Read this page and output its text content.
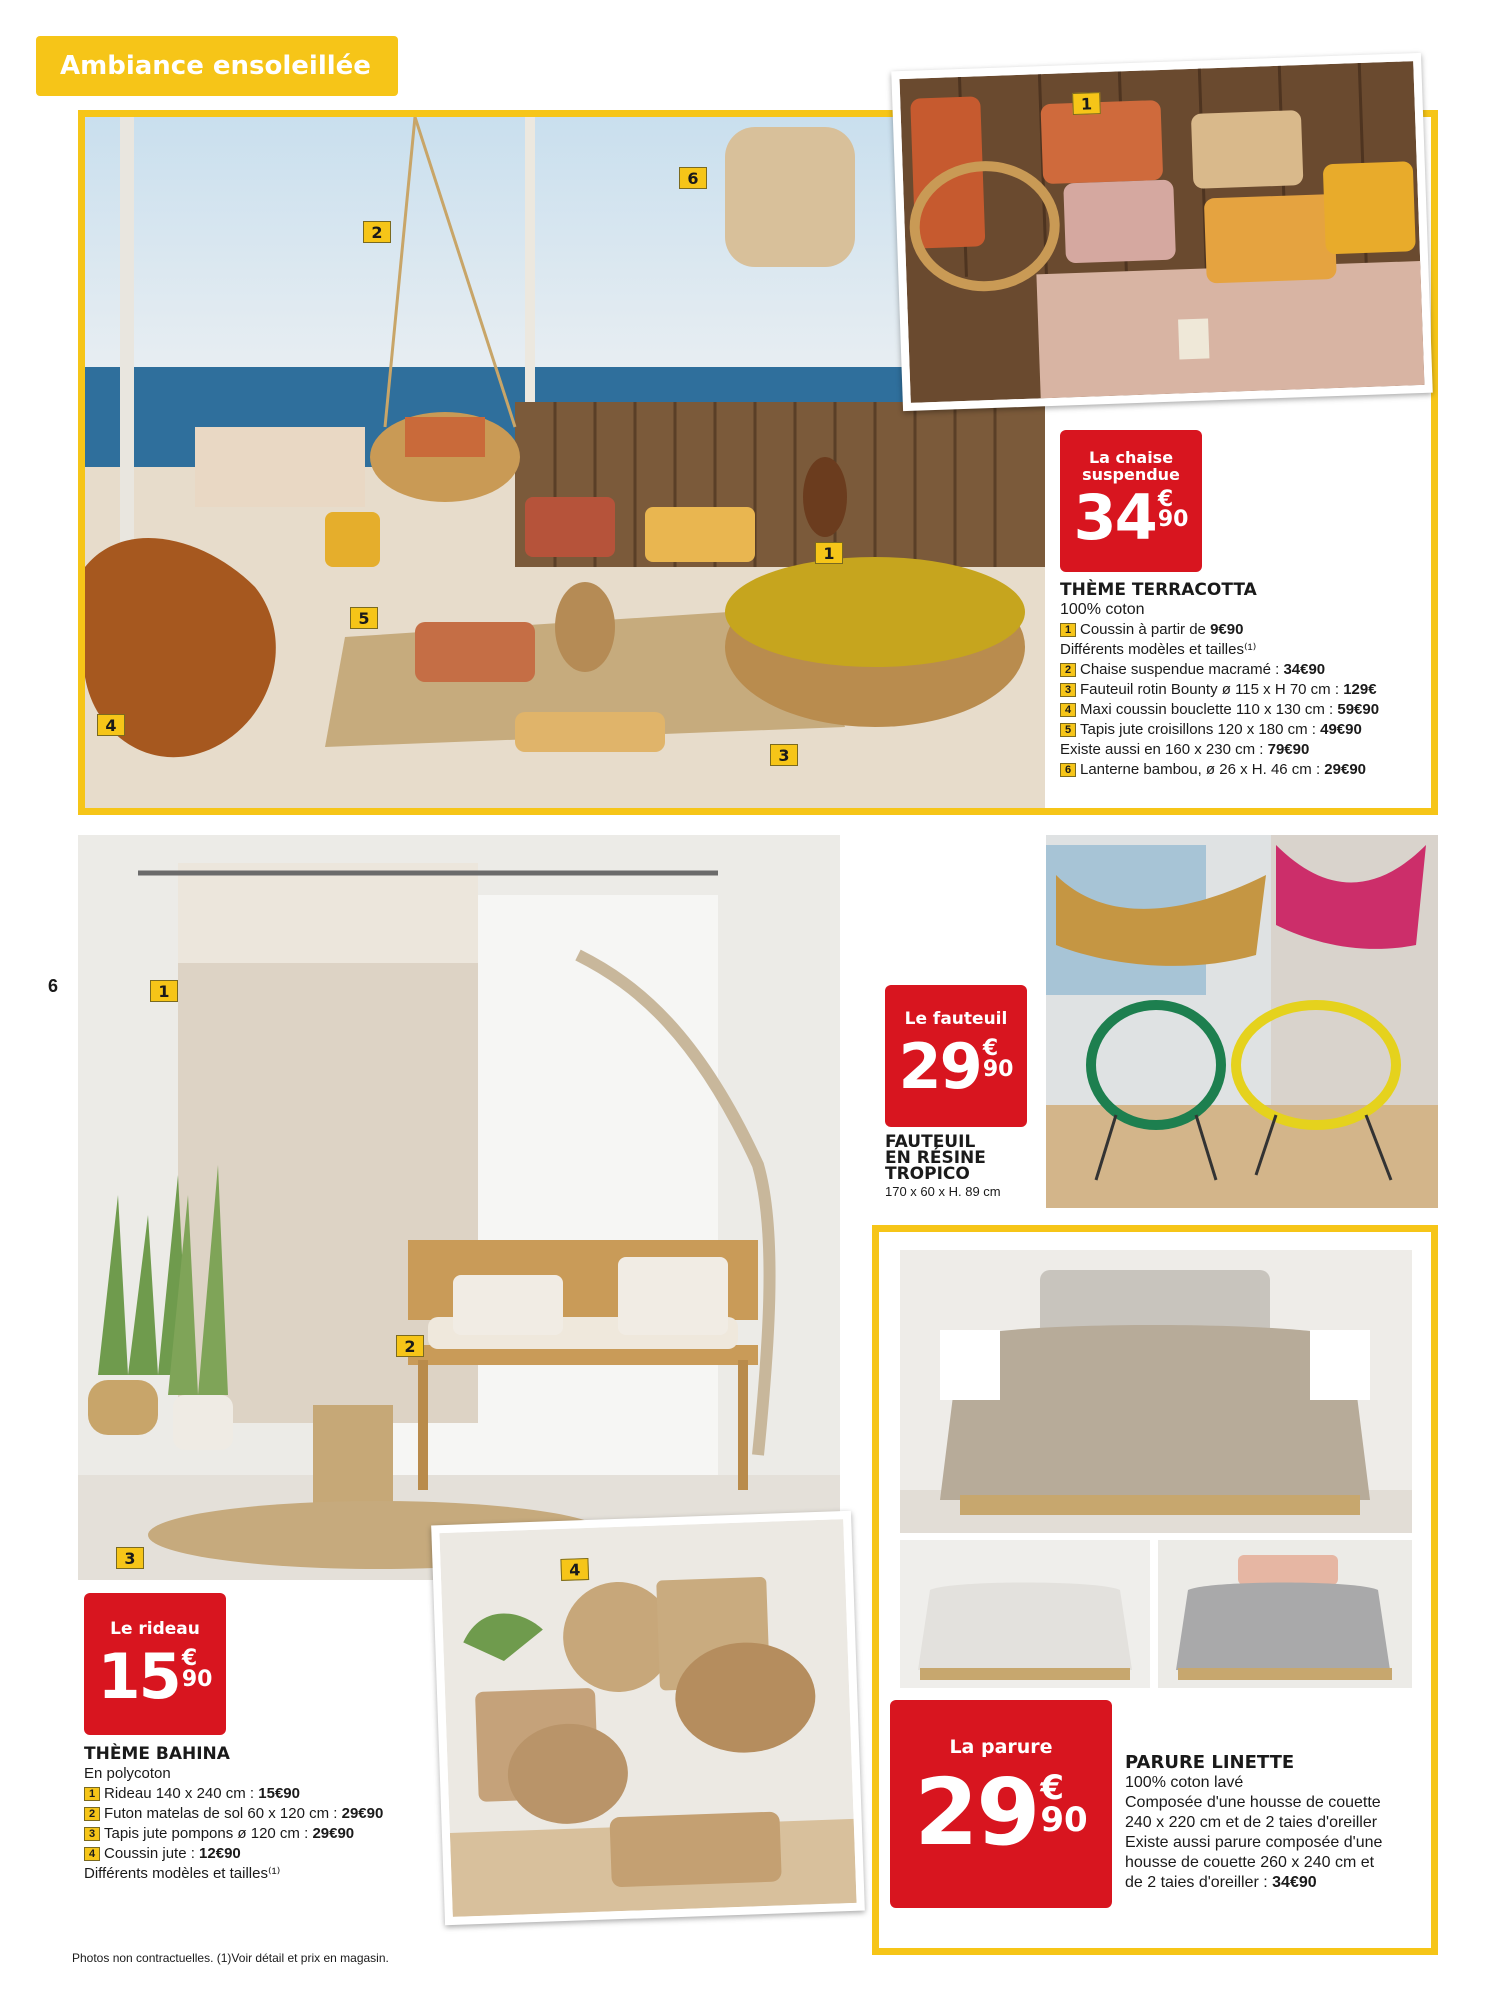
Ambiance ensoleillée
2
6
1
5
4
3
1
La chaise suspendue
34 €
90
THÈME TERRACOTTA
100% coton
1 Coussin à partir de 9€90
Différents modèles et tailles⁽¹⁾
2 Chaise suspendue macramé : 34€90
3 Fauteuil rotin Bounty ø 115 x H 70 cm : 129€
4 Maxi coussin bouclette 110 x 130 cm : 59€90
5 Tapis jute croisillons 120 x 180 cm : 49€90
Existe aussi en 160 x 230 cm : 79€90
6 Lanterne bambou, ø 26 x H. 46 cm : 29€90
6	1
2
3
Le rideau
15 €
90
THÈME BAHINA
En polycoton
1 Rideau 140 x 240 cm : 15€90
2 Futon matelas de sol 60 x 120 cm : 29€90
3 Tapis jute pompons ø 120 cm : 29€90
4 Coussin jute : 12€90
Différents modèles et tailles⁽¹⁾
4
Le fauteuil
29 €
90
FAUTEUIL
EN RÉSINE
TROPICO
170 x 60 x H. 89 cm
La parure
29 €
90
PARURE LINETTE
100% coton lavé
Composée d'une housse de couette
240 x 220 cm et de 2 taies d'oreiller
Existe aussi parure composée d'une
housse de couette 260 x 240 cm et
de 2 taies d'oreiller : 34€90
Photos non contractuelles. (1)Voir détail et prix en magasin.
